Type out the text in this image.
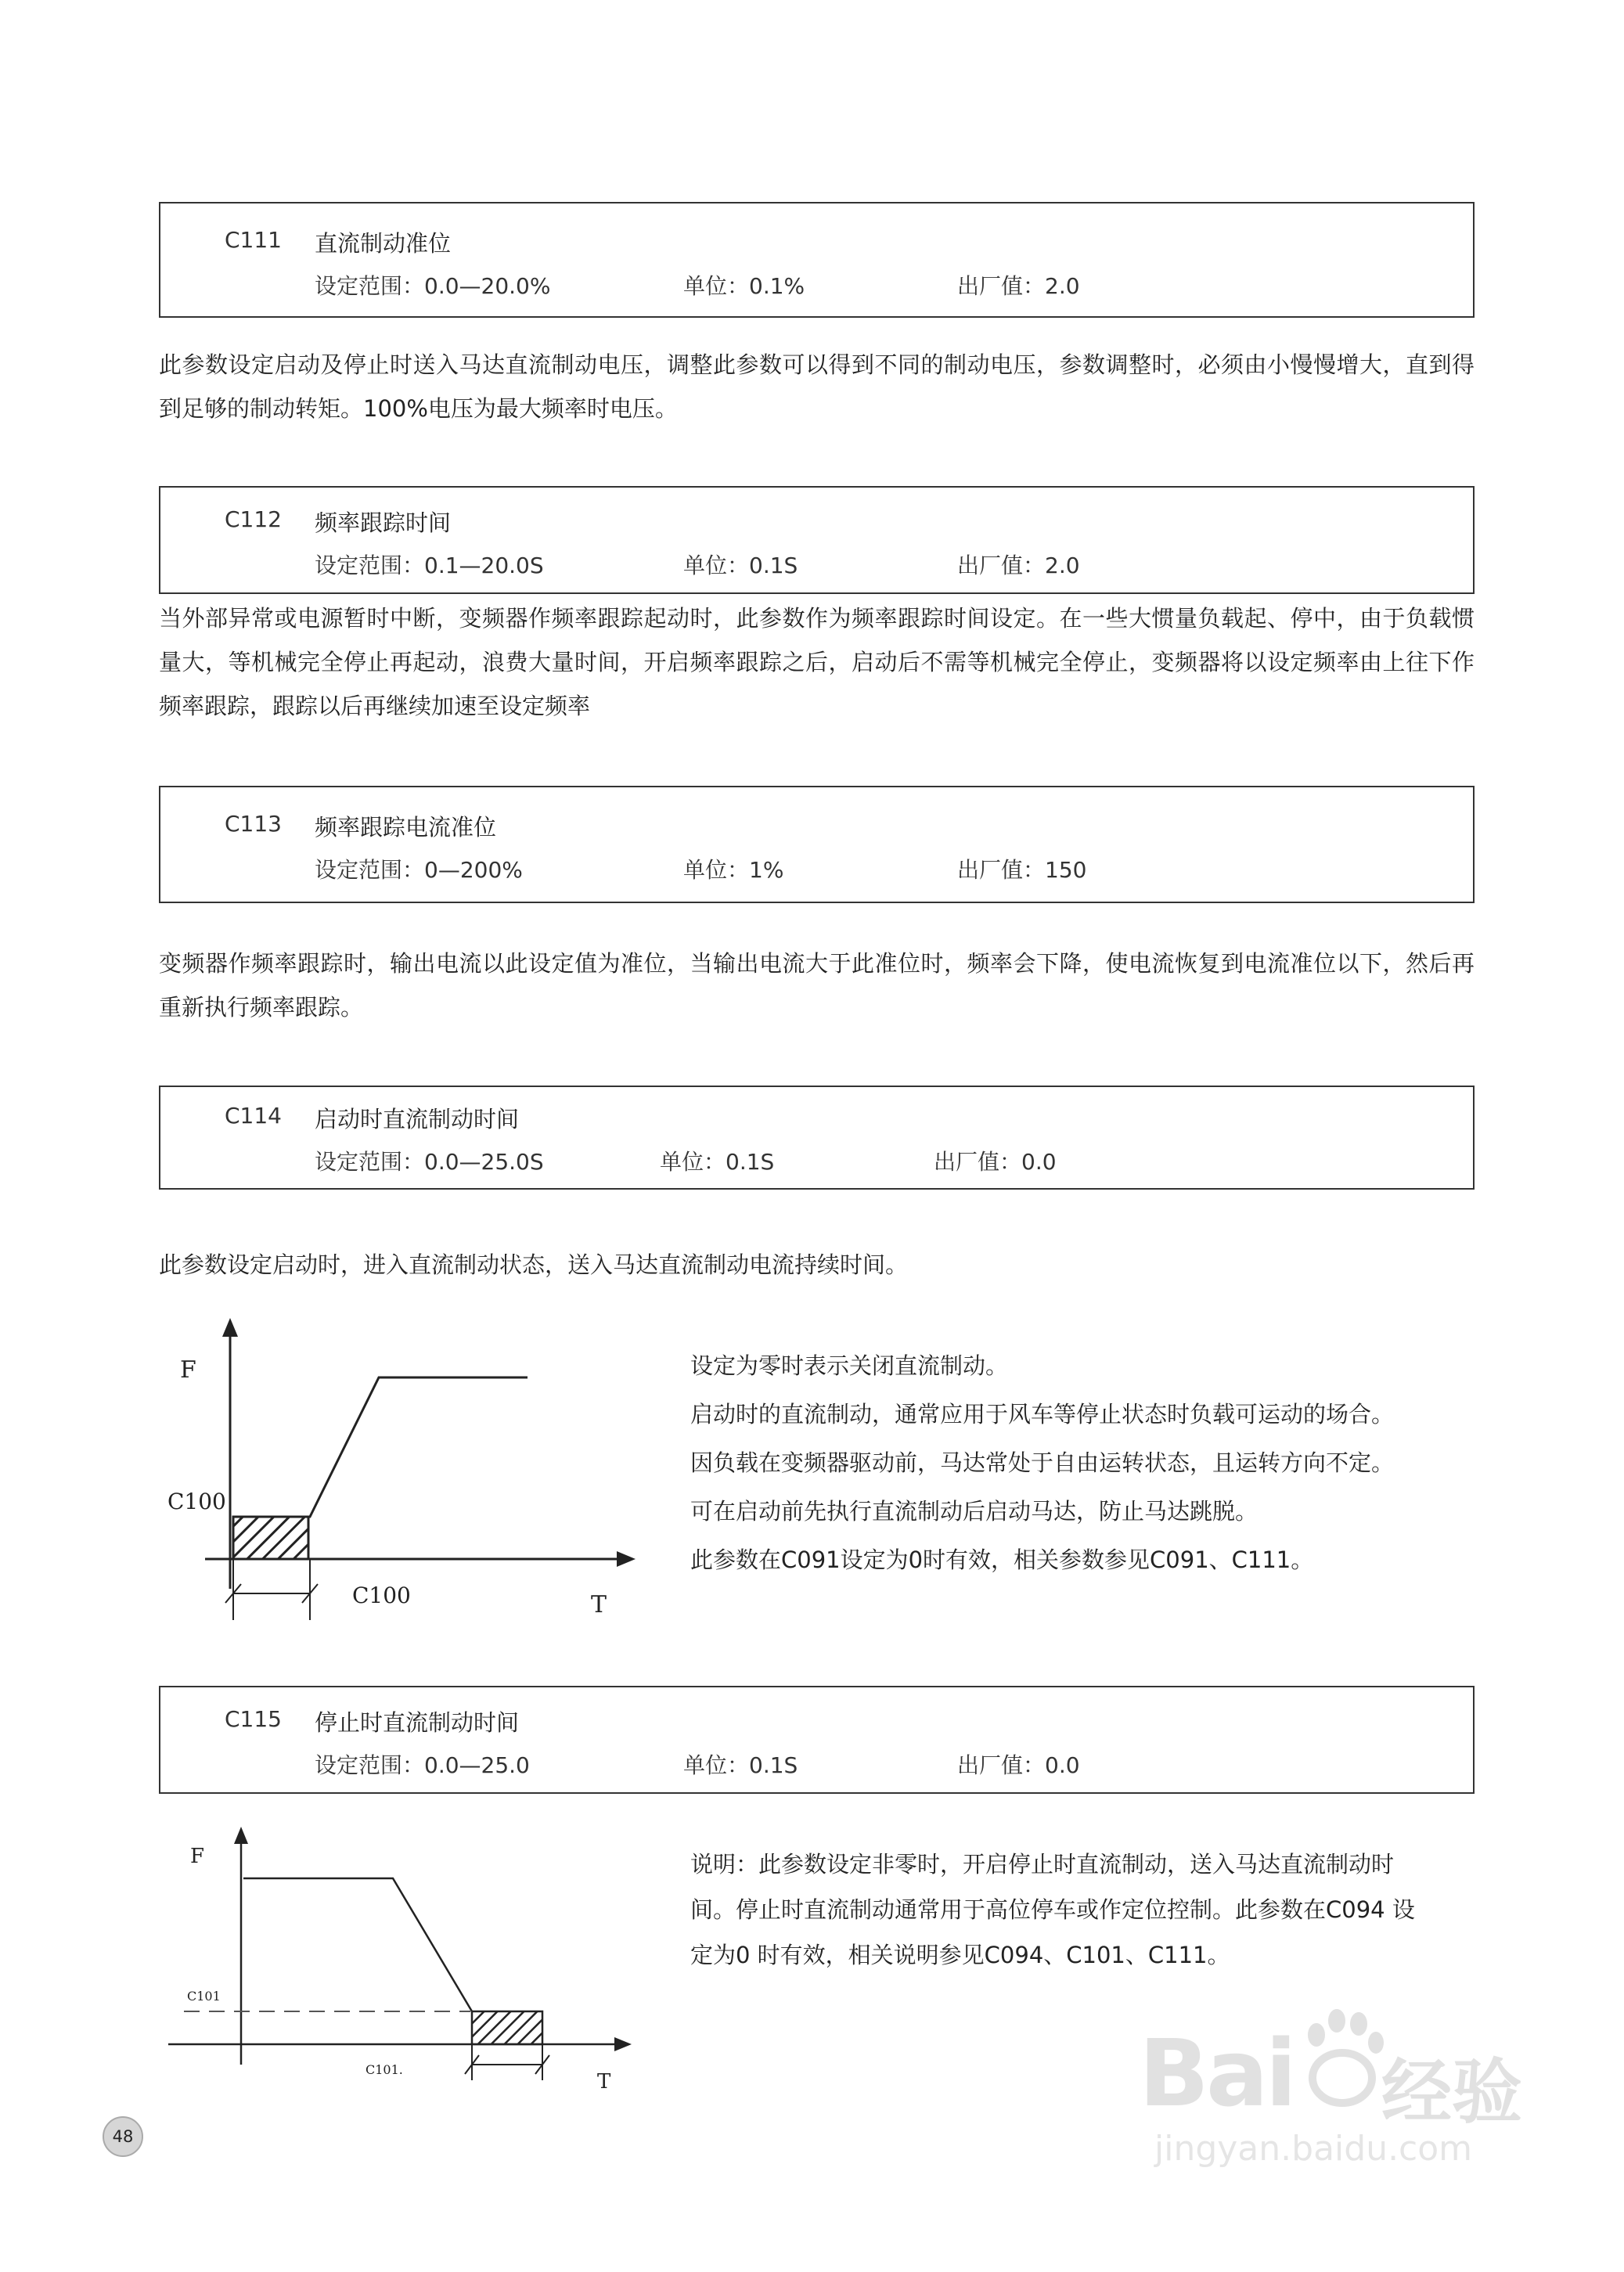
C111 直流制动准位
设定范围：0.0—20.0%	单位：0.1%	出厂值：2.0

此参数设定启动及停止时送入马达直流制动电压，调整此参数可以得到不同的制动电压，参数调整时，必须由小慢慢增大，直到得到足够的制动转矩。100%电压为最大频率时电压。

C112 频率跟踪时间
设定范围：0.1—20.0S	单位：0.1S	出厂值：2.0

当外部异常或电源暂时中断，变频器作频率跟踪起动时，此参数作为频率跟踪时间设定。在一些大惯量负载起、停中，由于负载惯量大，等机械完全停止再起动，浪费大量时间，开启频率跟踪之后，启动后不需等机械完全停止，变频器将以设定频率由上往下作频率跟踪，跟踪以后再继续加速至设定频率

C113 频率跟踪电流准位
设定范围：0—200%	单位：1%	出厂值：150

变频器作频率跟踪时，输出电流以此设定值为准位，当输出电流大于此准位时，频率会下降，使电流恢复到电流准位以下，然后再重新执行频率跟踪。

C114 启动时直流制动时间
设定范围：0.0—25.0S	单位：0.1S	出厂值：0.0

此参数设定启动时，进入直流制动状态，送入马达直流制动电流持续时间。

F
T
C100
C100
设定为零时表示关闭直流制动。
启动时的直流制动，通常应用于风车等停止状态时负载可运动的场合。
因负载在变频器驱动前，马达常处于自由运转状态，且运转方向不定。
可在启动前先执行直流制动后启动马达，防止马达跳脱。
此参数在C091设定为0时有效，相关参数参见C091、C111。
C115 停止时直流制动时间
设定范围：0.0—25.0	单位：0.1S	出厂值：0.0
F
T
C101
C101.
说明：此参数设定非零时，开启停止时直流制动，送入马达直流制动时
间。停止时直流制动通常用于高位停车或作定位控制。此参数在C094 设
定为0 时有效，相关说明参见C094、C101、C111。
48
Bai 经验
jingyan.baidu.com
